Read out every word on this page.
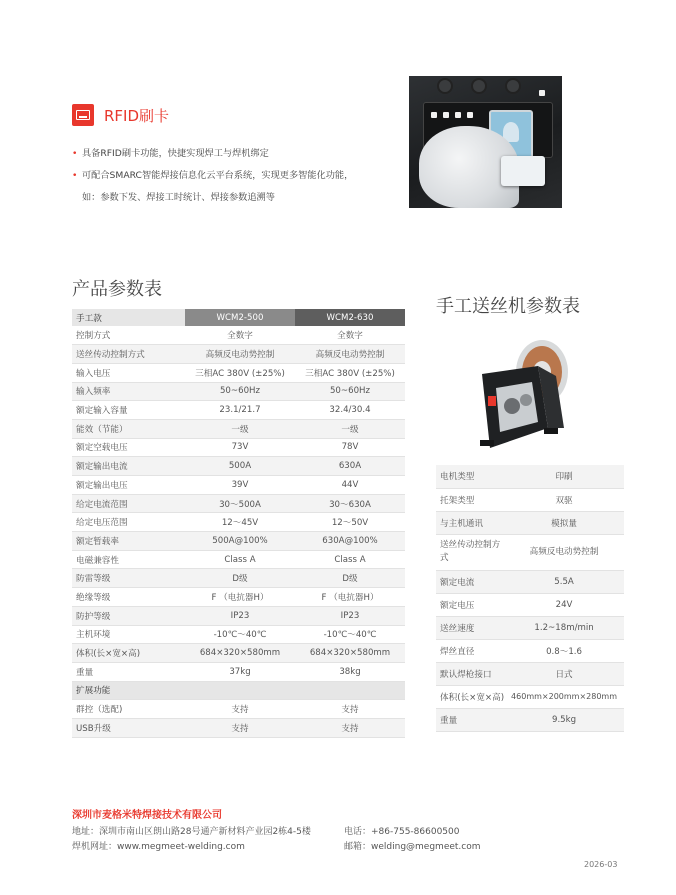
RFID刷卡
• 具备RFID刷卡功能，快捷实现焊工与焊机绑定
• 可配合SMARC智能焊接信息化云平台系统，实现更多智能化功能，
如：参数下发、焊接工时统计、焊接参数追溯等
产品参数表
手工款	WCM2-500	WCM2-630
控制方式	全数字	全数字
送丝传动控制方式	高频反电动势控制	高频反电动势控制
输入电压	三相AC 380V (±25%)	三相AC 380V (±25%)
输入频率	50~60Hz	50~60Hz
额定输入容量	23.1/21.7	32.4/30.4
能效（节能）	一级	一级
额定空载电压	73V	78V
额定输出电流	500A	630A
额定输出电压	39V	44V
给定电流范围	30～500A	30～630A
给定电压范围	12～45V	12～50V
额定暂载率	500A@100%	630A@100%
电磁兼容性	Class A	Class A
防雷等级	D级	D级
绝缘等级	F （电抗器H）	F （电抗器H）
防护等级	IP23	IP23
主机环境	-10℃～40℃	-10℃～40℃
体积(长×宽×高)	684×320×580mm	684×320×580mm
重量	37kg	38kg
扩展功能		
群控（选配)	支持	支持
USB升级	支持	支持
手工送丝机参数表
电机类型	印刷
托架类型	双驱
与主机通讯	模拟量
送丝传动控制方式	高频反电动势控制
额定电流	5.5A
额定电压	24V
送丝速度	1.2~18m/min
焊丝直径	0.8～1.6
默认焊枪接口	日式
体积(长×宽×高)	460mm×200mm×280mm
重量	9.5kg
深圳市麦格米特焊接技术有限公司
地址：深圳市南山区朗山路28号通产新材料产业园2栋4-5楼
焊机网址：www.megmeet-welding.com
电话：+86-755-86600500
邮箱：welding@megmeet.com
2026-03
